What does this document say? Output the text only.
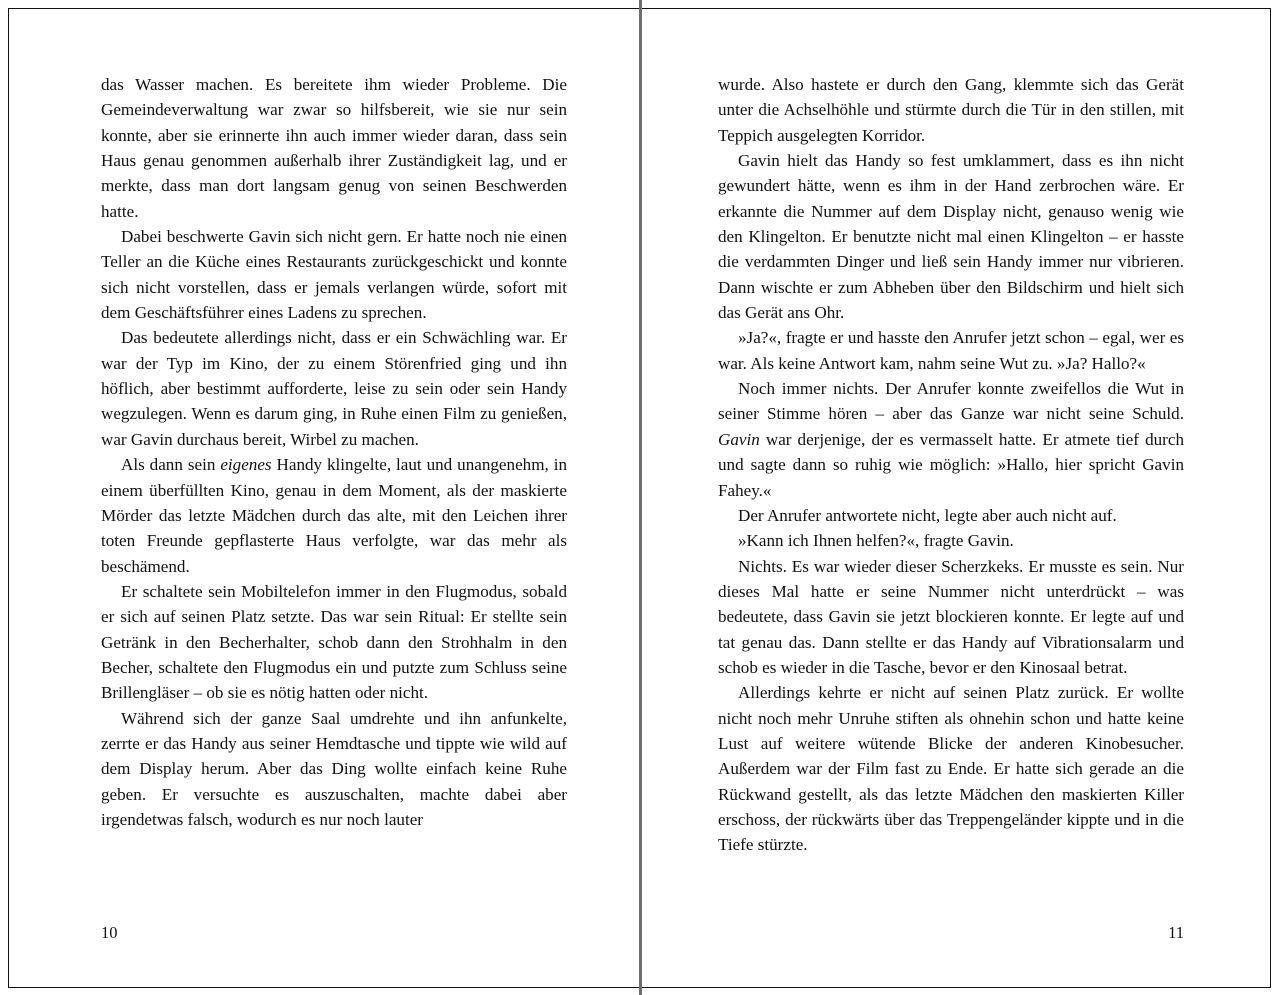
das Wasser machen. Es bereitete ihm wieder Probleme. Die Gemeindeverwaltung war zwar so hilfsbereit, wie sie nur sein konnte, aber sie erinnerte ihn auch immer wieder daran, dass sein Haus genau genommen außerhalb ihrer Zuständigkeit lag, und er merkte, dass man dort langsam genug von seinen Beschwerden hatte.

Dabei beschwerte Gavin sich nicht gern. Er hatte noch nie einen Teller an die Küche eines Restaurants zurückgeschickt und konnte sich nicht vorstellen, dass er jemals verlangen würde, sofort mit dem Geschäftsführer eines Ladens zu sprechen.

Das bedeutete allerdings nicht, dass er ein Schwächling war. Er war der Typ im Kino, der zu einem Störenfried ging und ihn höflich, aber bestimmt aufforderte, leise zu sein oder sein Handy wegzulegen. Wenn es darum ging, in Ruhe einen Film zu genießen, war Gavin durchaus bereit, Wirbel zu machen.

Als dann sein eigenes Handy klingelte, laut und unangenehm, in einem überfüllten Kino, genau in dem Moment, als der maskierte Mörder das letzte Mädchen durch das alte, mit den Leichen ihrer toten Freunde gepflasterte Haus verfolgte, war das mehr als beschämend.

Er schaltete sein Mobiltelefon immer in den Flugmodus, sobald er sich auf seinen Platz setzte. Das war sein Ritual: Er stellte sein Getränk in den Becherhalter, schob dann den Strohhalm in den Becher, schaltete den Flugmodus ein und putzte zum Schluss seine Brillengläser – ob sie es nötig hatten oder nicht.

Während sich der ganze Saal umdrehte und ihn anfunkelte, zerrte er das Handy aus seiner Hemdtasche und tippte wie wild auf dem Display herum. Aber das Ding wollte einfach keine Ruhe geben. Er versuchte es auszuschalten, machte dabei aber irgendetwas falsch, wodurch es nur noch lauter

10

wurde. Also hastete er durch den Gang, klemmte sich das Gerät unter die Achselhöhle und stürmte durch die Tür in den stillen, mit Teppich ausgelegten Korridor.

Gavin hielt das Handy so fest umklammert, dass es ihn nicht gewundert hätte, wenn es ihm in der Hand zerbrochen wäre. Er erkannte die Nummer auf dem Display nicht, genauso wenig wie den Klingelton. Er benutzte nicht mal einen Klingelton – er hasste die verdammten Dinger und ließ sein Handy immer nur vibrieren. Dann wischte er zum Abheben über den Bildschirm und hielt sich das Gerät ans Ohr.

»Ja?«, fragte er und hasste den Anrufer jetzt schon – egal, wer es war. Als keine Antwort kam, nahm seine Wut zu. »Ja? Hallo?«

Noch immer nichts. Der Anrufer konnte zweifellos die Wut in seiner Stimme hören – aber das Ganze war nicht seine Schuld. Gavin war derjenige, der es vermasselt hatte. Er atmete tief durch und sagte dann so ruhig wie möglich: »Hallo, hier spricht Gavin Fahey.«

Der Anrufer antwortete nicht, legte aber auch nicht auf.

»Kann ich Ihnen helfen?«, fragte Gavin.

Nichts. Es war wieder dieser Scherzkeks. Er musste es sein. Nur dieses Mal hatte er seine Nummer nicht unterdrückt – was bedeutete, dass Gavin sie jetzt blockieren konnte. Er legte auf und tat genau das. Dann stellte er das Handy auf Vibrationsalarm und schob es wieder in die Tasche, bevor er den Kinosaal betrat.

Allerdings kehrte er nicht auf seinen Platz zurück. Er wollte nicht noch mehr Unruhe stiften als ohnehin schon und hatte keine Lust auf weitere wütende Blicke der anderen Kinobesucher. Außerdem war der Film fast zu Ende. Er hatte sich gerade an die Rückwand gestellt, als das letzte Mädchen den maskierten Killer erschoss, der rückwärts über das Treppengeländer kippte und in die Tiefe stürzte.

11
